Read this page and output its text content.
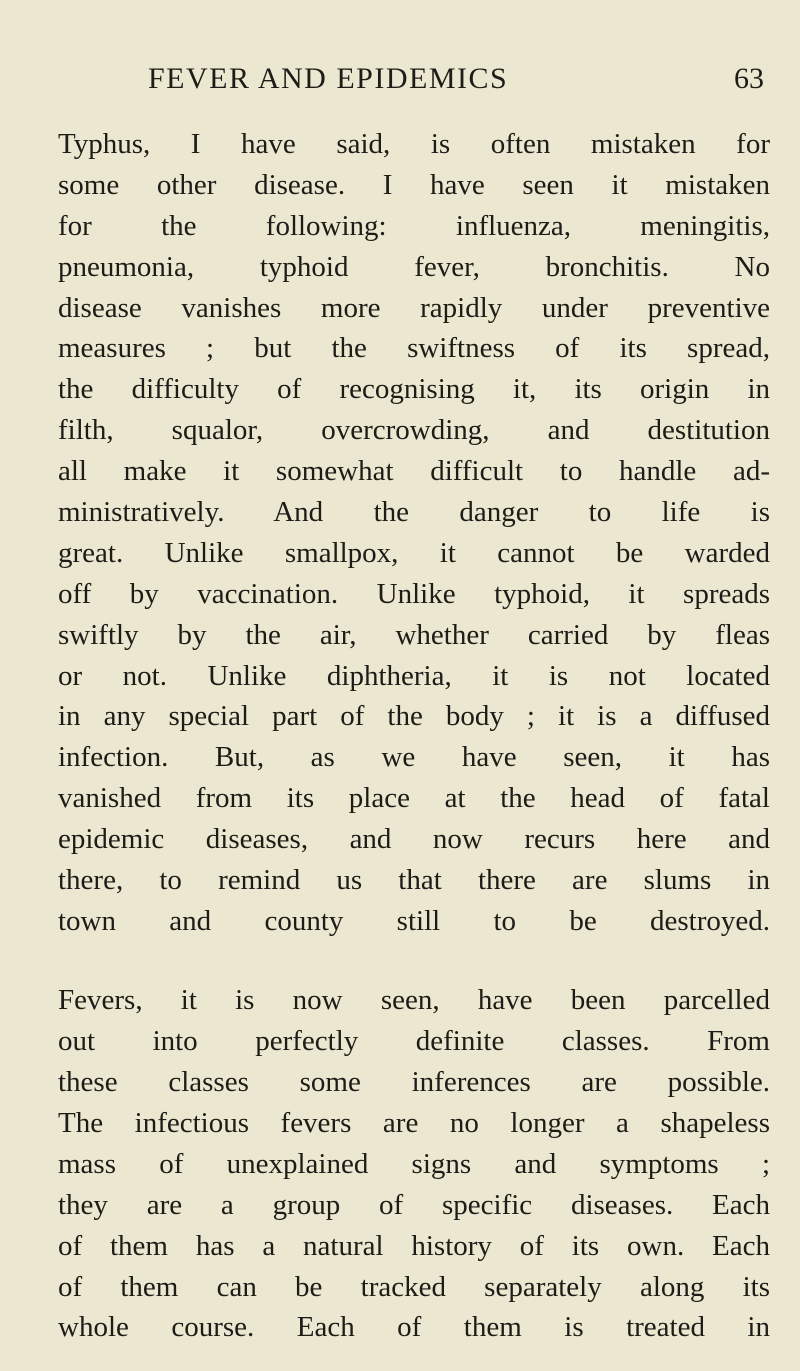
FEVER AND EPIDEMICS	63

Typhus, I have said, is often mistaken for
some other disease. I have seen it mistaken
for the following: influenza, meningitis,
pneumonia, typhoid fever, bronchitis. No
disease vanishes more rapidly under preventive
measures ; but the swiftness of its spread,
the difficulty of recognising it, its origin in
filth, squalor, overcrowding, and destitution
all make it somewhat difficult to handle ad-
ministratively. And the danger to life is
great. Unlike smallpox, it cannot be warded
off by vaccination. Unlike typhoid, it spreads
swiftly by the air, whether carried by fleas
or not. Unlike diphtheria, it is not located
in any special part of the body ; it is a diffused
infection. But, as we have seen, it has
vanished from its place at the head of fatal
epidemic diseases, and now recurs here and
there, to remind us that there are slums in
town and county still to be destroyed.

Fevers, it is now seen, have been parcelled
out into perfectly definite classes. From
these classes some inferences are possible.
The infectious fevers are no longer a shapeless
mass of unexplained signs and symptoms ;
they are a group of specific diseases. Each
of them has a natural history of its own. Each
of them can be tracked separately along its
whole course. Each of them is treated in
